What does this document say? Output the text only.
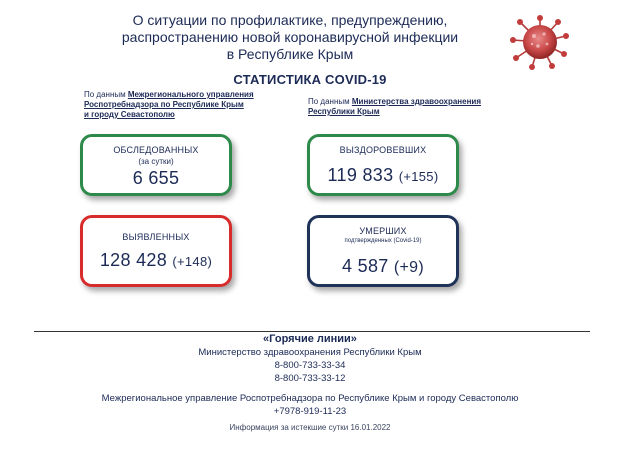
О ситуации по профилактике, предупреждению,
распространению новой коронавирусной инфекции
в Республике Крым
СТАТИСТИКА COVID-19
По данным Межрегионального управления
Роспотребнадзора по Республике Крым
и городу Севастополю
По данным Министерства здравоохранения
Республики Крым
ОБСЛЕДОВАННЫХ
(за сутки)
6 655
ВЫЗДОРОВЕВШИХ
119 833 (+155)
ВЫЯВЛЕННЫХ
128 428 (+148)
УМЕРШИХ
подтвержденных (Covid-19)
4 587 (+9)
«Горячие линии»
Министерство здравоохранения Республики Крым
8-800-733-33-34
8-800-733-33-12
Межрегиональное управление Роспотребнадзора по Республике Крым и городу Севастополю
+7978-919-11-23
Информация за истекшие сутки 16.01.2022
